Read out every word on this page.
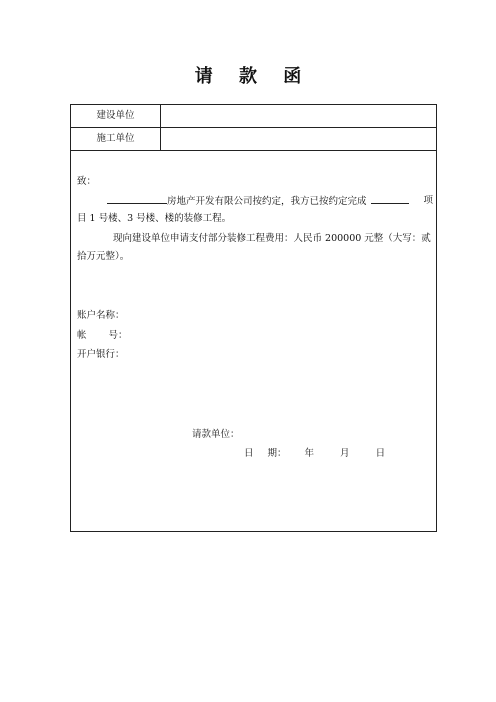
请 款 函
建设单位
施工单位
致：
房地产开发有限公司按约定，我方已按约定完成	项
目 1 号楼、3 号楼、楼的装修工程。
现向建设单位申请支付部分装修工程费用：人民币 200000 元整（大写：贰
拾万元整）。
账户名称：
帐 号：
开户银行：
请款单位：
日 期： 年	月	日
